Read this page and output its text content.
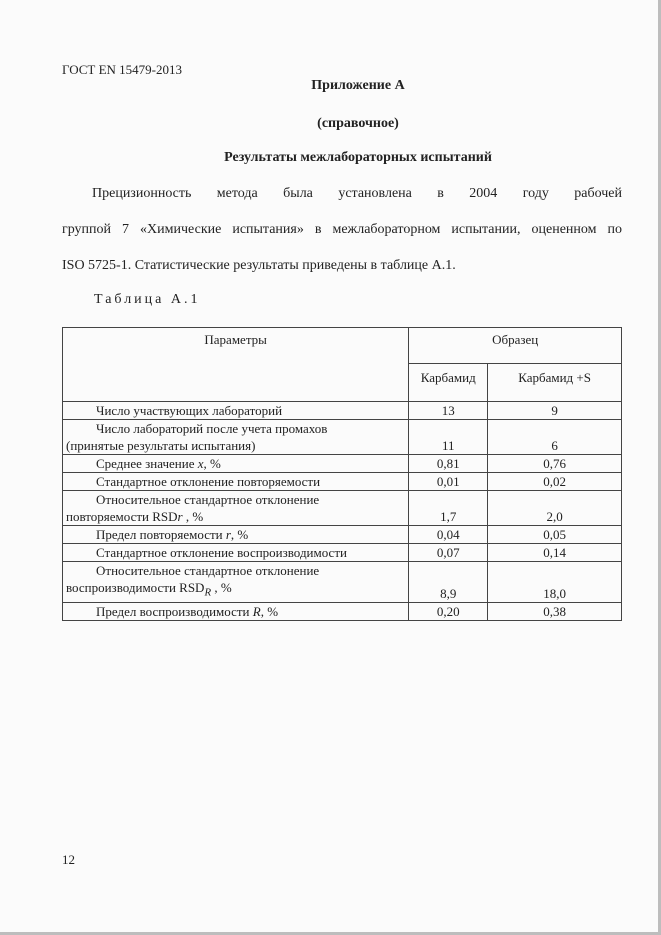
ГОСТ EN 15479-2013
Приложение А
(справочное)
Результаты межлабораторных испытаний
Прецизионность метода была установлена в 2004 году рабочей
группой 7 «Химические испытания» в межлабораторном испытании, оцененном по
ISO 5725-1. Статистические результаты приведены в таблице А.1.
Таблица А.1
Параметры	Образец	
	Карбамид	Карбамид +S
Число участвующих лабораторий	13	9

Число лабораторий после учета промахов
(принятые результаты испытания)	11	6
Среднее значение x, %	0,81	0,76
Стандартное отклонение повторяемости	0,01	0,02

Относительное стандартное отклонение
повторяемости RSDr , %	1,7	2,0
Предел повторяемости r, %	0,04	0,05
Стандартное отклонение воспроизводимости	0,07	0,14

Относительное стандартное отклонение
воспроизводимости $RSD_R$ , %	8,9	18,0
Предел воспроизводимости R, %	0,20	0,38
12
